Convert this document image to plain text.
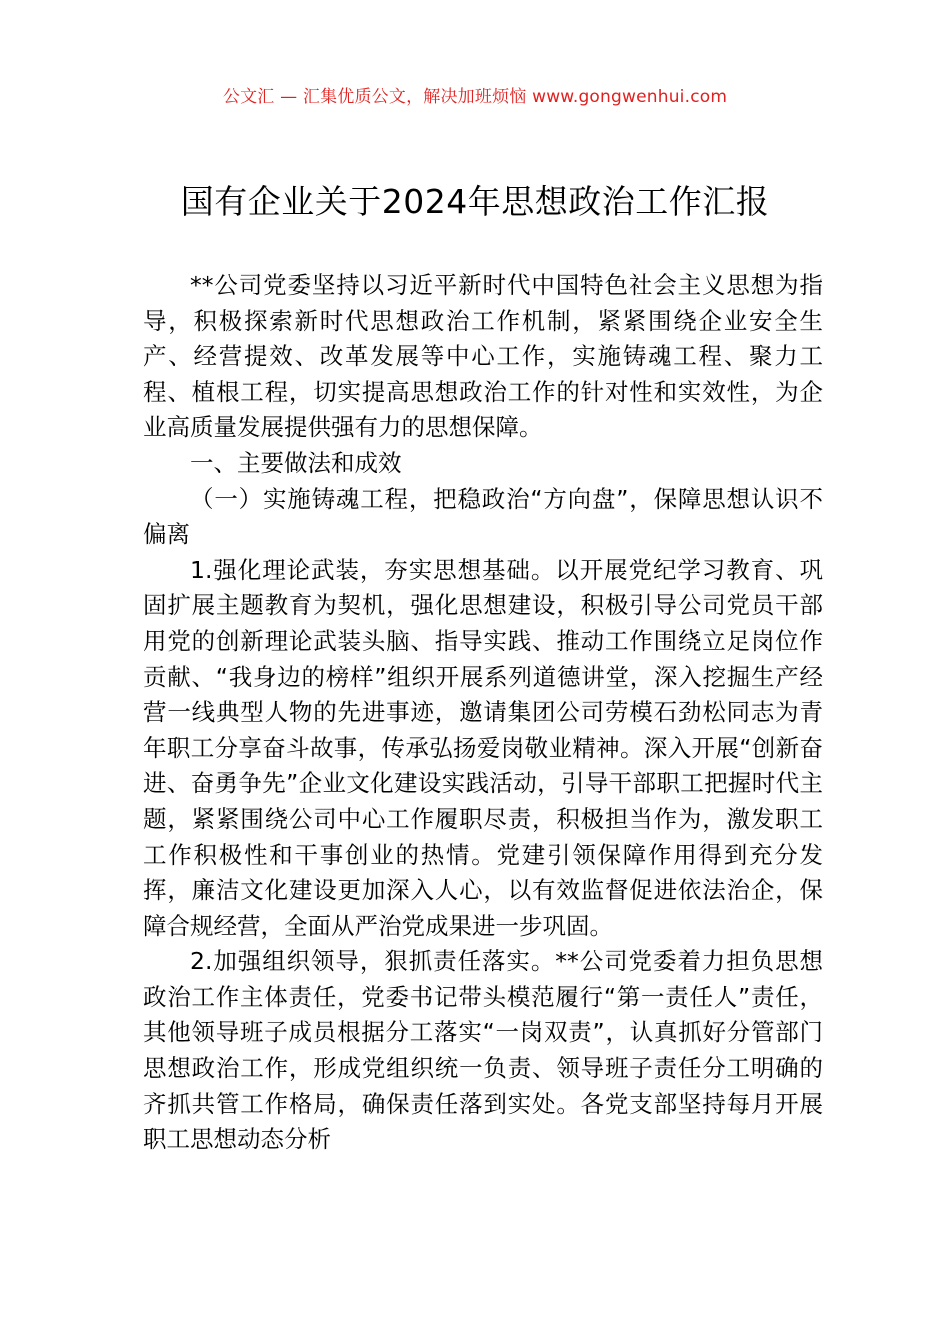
公文汇 — 汇集优质公文，解决加班烦恼 www.gongwenhui.com
国有企业关于2024年思想政治工作汇报

**公司党委坚持以习近平新时代中国特色社会主义思想为指导，积极探索新时代思想政治工作机制，紧紧围绕企业安全生产、经营提效、改革发展等中心工作，实施铸魂工程、聚力工程、植根工程，切实提高思想政治工作的针对性和实效性，为企业高质量发展提供强有力的思想保障。

一、主要做法和成效

（一）实施铸魂工程，把稳政治“方向盘”，保障思想认识不偏离

1.强化理论武装，夯实思想基础。以开展党纪学习教育、巩固扩展主题教育为契机，强化思想建设，积极引导公司党员干部用党的创新理论武装头脑、指导实践、推动工作围绕立足岗位作贡献、“我身边的榜样”组织开展系列道德讲堂，深入挖掘生产经营一线典型人物的先进事迹，邀请集团公司劳模石劲松同志为青年职工分享奋斗故事，传承弘扬爱岗敬业精神。深入开展“创新奋进、奋勇争先”企业文化建设实践活动，引导干部职工把握时代主题，紧紧围绕公司中心工作履职尽责，积极担当作为，激发职工工作积极性和干事创业的热情。党建引领保障作用得到充分发挥，廉洁文化建设更加深入人心，以有效监督促进依法治企，保障合规经营，全面从严治党成果进一步巩固。

2.加强组织领导，狠抓责任落实。**公司党委着力担负思想政治工作主体责任，党委书记带头模范履行“第一责任人”责任，其他领导班子成员根据分工落实“一岗双责”，认真抓好分管部门思想政治工作，形成党组织统一负责、领导班子责任分工明确的齐抓共管工作格局，确保责任落到实处。各党支部坚持每月开展职工思想动态分析
